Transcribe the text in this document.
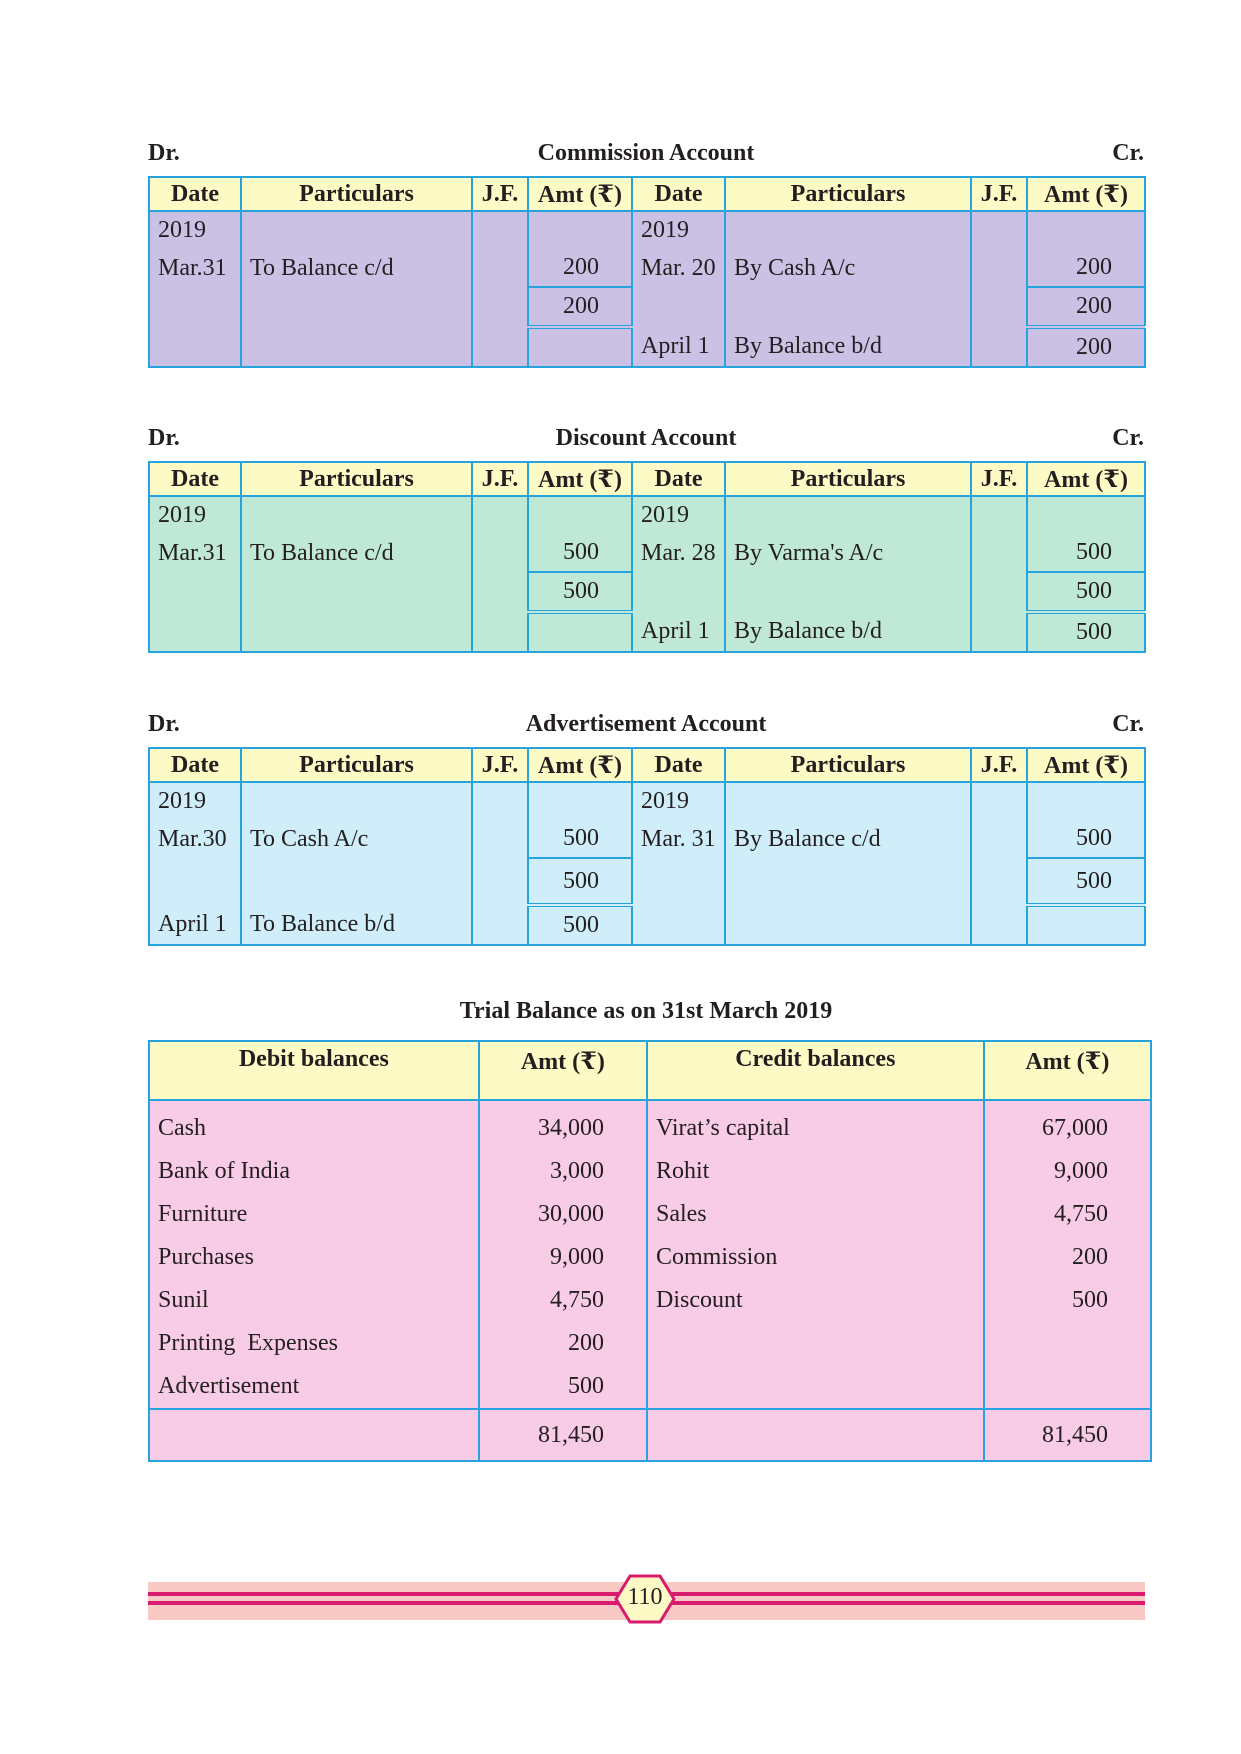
Dr.	Commission Account	Cr.
Date	Particulars	J.F.	Amt (₹)	Date	Particulars	J.F.	Amt (₹)
2019				2019			
Mar.31	To Balance c/d		200	Mar. 20	By Cash A/c		200
			200				200
				April 1	By Balance b/d		200
Dr.	Discount Account	Cr.
Date	Particulars	J.F.	Amt (₹)	Date	Particulars	J.F.	Amt (₹)
2019				2019			
Mar.31	To Balance c/d		500	Mar. 28	By Varma's A/c		500
			500				500
				April 1	By Balance b/d		500
Dr.	Advertisement Account	Cr.
Date	Particulars	J.F.	Amt (₹)	Date	Particulars	J.F.	Amt (₹)
2019				2019			
Mar.30	To Cash A/c		500	Mar. 31	By Balance c/d		500
			500				500
April 1	To Balance b/d		500				
Trial Balance as on 31st March 2019
Debit balances	Amt (₹)	Credit balances	Amt (₹)
Cash	34,000	Virat’s capital	67,000
Bank of India	3,000	Rohit	9,000
Furniture	30,000	Sales	4,750
Purchases	9,000	Commission	200
Sunil	4,750	Discount	500
Printing  Expenses	200		
Advertisement	500		
	81,450		81,450
110
